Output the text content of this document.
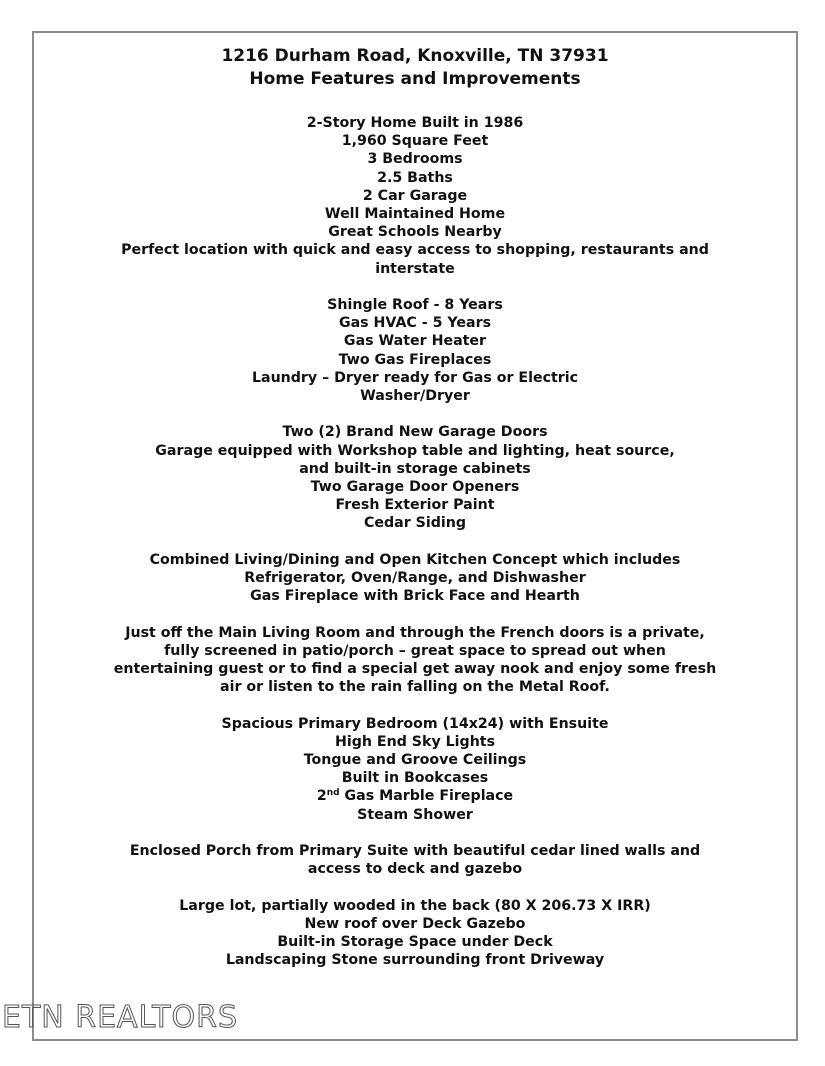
1216 Durham Road, Knoxville, TN 37931

Home Features and Improvements

2-Story Home Built in 1986

1,960 Square Feet

3 Bedrooms

2.5 Baths

2 Car Garage

Well Maintained Home

Great Schools Nearby

Perfect location with quick and easy access to shopping, restaurants and

interstate

Shingle Roof - 8 Years

Gas HVAC - 5 Years

Gas Water Heater

Two Gas Fireplaces

Laundry – Dryer ready for Gas or Electric

Washer/Dryer

Two (2) Brand New Garage Doors

Garage equipped with Workshop table and lighting, heat source,

and built-in storage cabinets

Two Garage Door Openers

Fresh Exterior Paint

Cedar Siding

Combined Living/Dining and Open Kitchen Concept which includes

Refrigerator, Oven/Range, and Dishwasher

Gas Fireplace with Brick Face and Hearth

Just off the Main Living Room and through the French doors is a private,

fully screened in patio/porch – great space to spread out when

entertaining guest or to find a special get away nook and enjoy some fresh

air or listen to the rain falling on the Metal Roof.

Spacious Primary Bedroom (14x24) with Ensuite

High End Sky Lights

Tongue and Groove Ceilings

Built in Bookcases

2nd Gas Marble Fireplace

Steam Shower

Enclosed Porch from Primary Suite with beautiful cedar lined walls and

access to deck and gazebo

Large lot, partially wooded in the back (80 X 206.73 X IRR)

New roof over Deck Gazebo

Built-in Storage Space under Deck

Landscaping Stone surrounding front Driveway

ETN REALTORS
